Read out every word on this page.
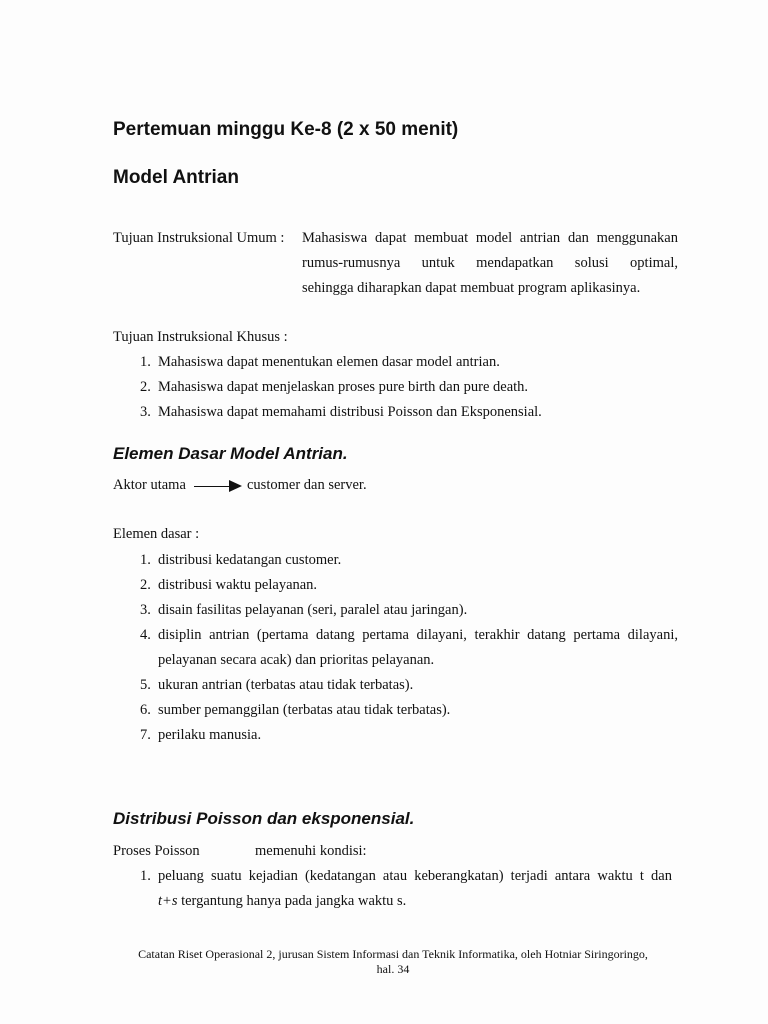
Pertemuan minggu Ke-8 (2 x 50 menit)
Model Antrian
Tujuan Instruksional Umum : Mahasiswa dapat membuat model antrian dan menggunakan
rumus-rumusnya untuk mendapatkan solusi optimal,
sehingga diharapkan dapat membuat program aplikasinya.
Tujuan Instruksional Khusus :
1. Mahasiswa dapat menentukan elemen dasar model antrian.
2. Mahasiswa dapat menjelaskan proses pure birth dan pure death.
3. Mahasiswa dapat memahami distribusi Poisson dan Eksponensial.
Elemen Dasar Model Antrian.
Aktor utama	customer dan server.
Elemen dasar :
1. distribusi kedatangan customer.
2. distribusi waktu pelayanan.
3. disain fasilitas pelayanan (seri, paralel atau jaringan).
4. disiplin antrian (pertama datang pertama dilayani, terakhir datang pertama dilayani,
pelayanan secara acak) dan prioritas pelayanan.
5. ukuran antrian (terbatas atau tidak terbatas).
6. sumber pemanggilan (terbatas atau tidak terbatas).
7. perilaku manusia.
Distribusi Poisson dan eksponensial.
Proses Poisson	memenuhi kondisi:
1. peluang suatu kejadian (kedatangan atau keberangkatan) terjadi antara waktu t dan
t+s tergantung hanya pada jangka waktu s.
Catatan Riset Operasional 2, jurusan Sistem Informasi dan Teknik Informatika, oleh Hotniar Siringoringo,
hal. 34
